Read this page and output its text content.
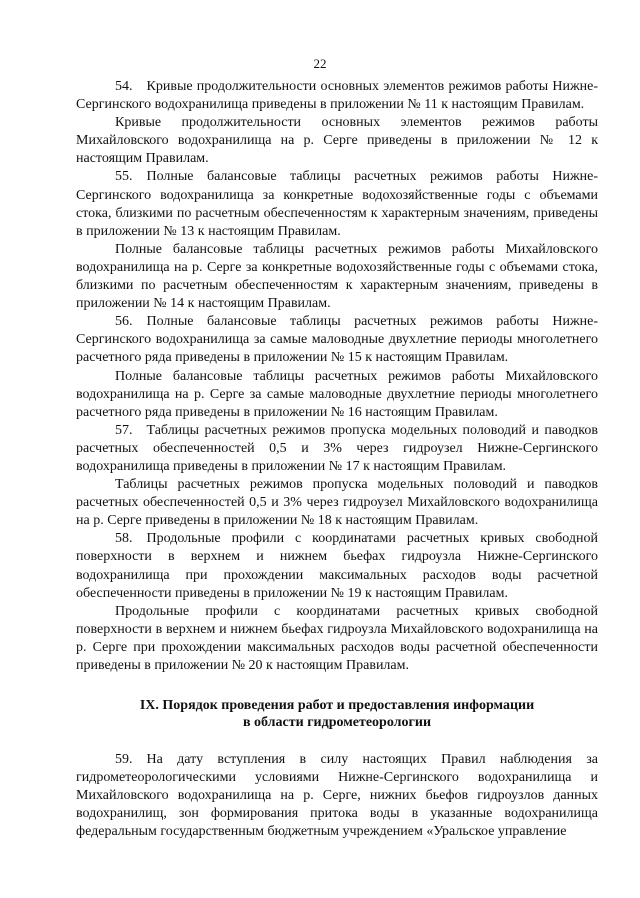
22

54. Кривые продолжительности основных элементов режимов работы Нижне-Сергинского водохранилища приведены в приложении № 11 к настоящим Правилам.

Кривые продолжительности основных элементов режимов работы Михайловского водохранилища на р. Серге приведены в приложении № 12 к настоящим Правилам.

55. Полные балансовые таблицы расчетных режимов работы Нижне-Сергинского водохранилища за конкретные водохозяйственные годы с объемами стока, близкими по расчетным обеспеченностям к характерным значениям, приведены в приложении № 13 к настоящим Правилам.

Полные балансовые таблицы расчетных режимов работы Михайловского водохранилища на р. Серге за конкретные водохозяйственные годы с объемами стока, близкими по расчетным обеспеченностям к характерным значениям, приведены в приложении № 14 к настоящим Правилам.

56. Полные балансовые таблицы расчетных режимов работы Нижне-Сергинского водохранилища за самые маловодные двухлетние периоды многолетнего расчетного ряда приведены в приложении № 15 к настоящим Правилам.

Полные балансовые таблицы расчетных режимов работы Михайловского водохранилища на р. Серге за самые маловодные двухлетние периоды многолетнего расчетного ряда приведены в приложении № 16 настоящим Правилам.

57. Таблицы расчетных режимов пропуска модельных половодий и паводков расчетных обеспеченностей 0,5 и 3% через гидроузел Нижне-Сергинского водохранилища приведены в приложении № 17 к настоящим Правилам.

Таблицы расчетных режимов пропуска модельных половодий и паводков расчетных обеспеченностей 0,5 и 3% через гидроузел Михайловского водохранилища на р. Серге приведены в приложении № 18 к настоящим Правилам.

58. Продольные профили с координатами расчетных кривых свободной поверхности в верхнем и нижнем бьефах гидроузла Нижне-Сергинского водохранилища при прохождении максимальных расходов воды расчетной обеспеченности приведены в приложении № 19 к настоящим Правилам.

Продольные профили с координатами расчетных кривых свободной поверхности в верхнем и нижнем бьефах гидроузла Михайловского водохранилища на р. Серге при прохождении максимальных расходов воды расчетной обеспеченности приведены в приложении № 20 к настоящим Правилам.

IX. Порядок проведения работ и предоставления информации
в области гидрометеорологии

59. На дату вступления в силу настоящих Правил наблюдения за гидрометеорологическими условиями Нижне-Сергинского водохранилища и Михайловского водохранилища на р. Серге, нижних бьефов гидроузлов данных водохранилищ, зон формирования притока воды в указанные водохранилища федеральным государственным бюджетным учреждением «Уральское управление
